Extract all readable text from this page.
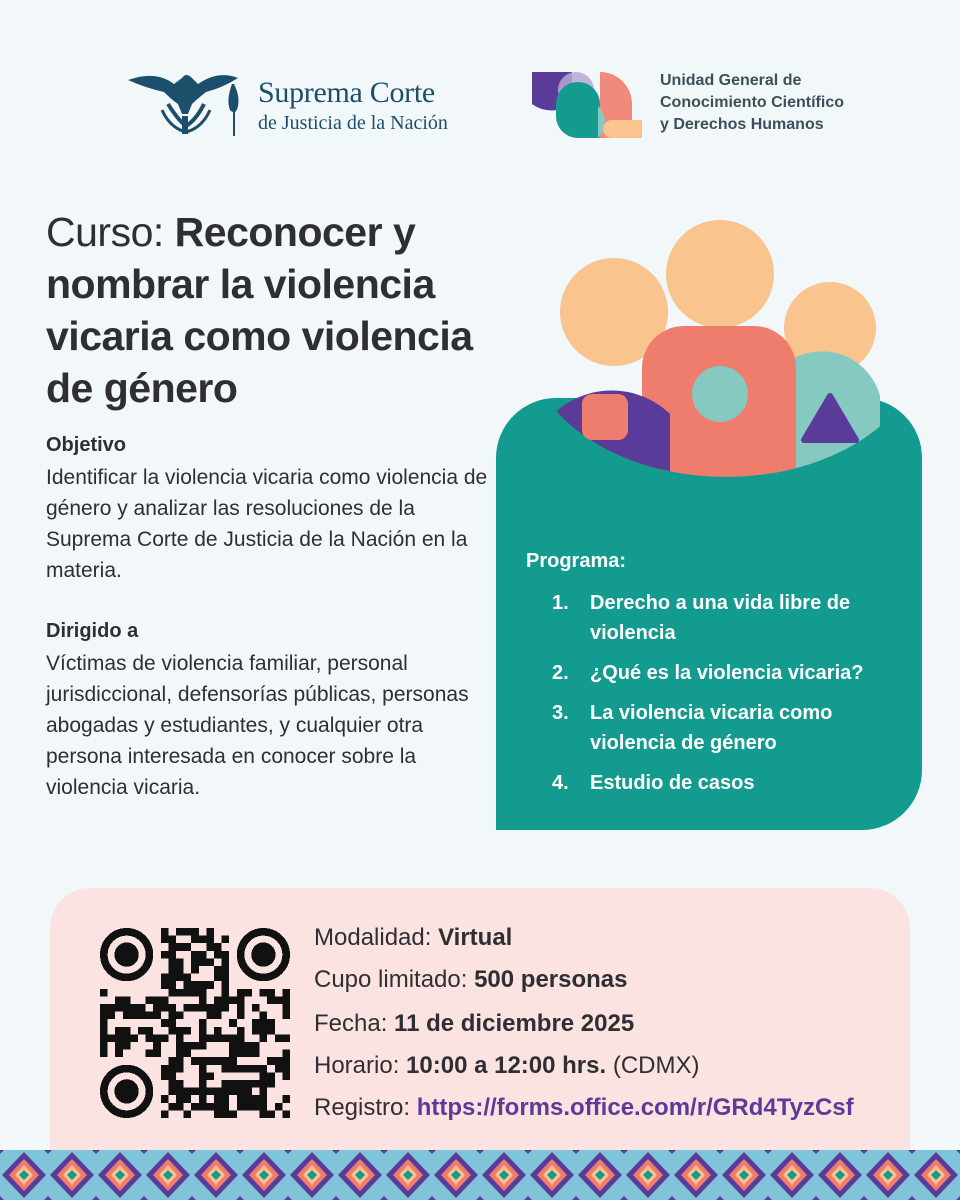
Suprema Corte
de Justicia de la Nación
Unidad General de
Conocimiento Científico
y Derechos Humanos
Curso: Reconocer y nombrar la violencia vicaria como violencia de género
Objetivo
Identificar la violencia vicaria como violencia de género y analizar las resoluciones de la Suprema Corte de Justicia de la Nación en la materia.
Dirigido a
Víctimas de violencia familiar, personal jurisdiccional, defensorías públicas, personas abogadas y estudiantes, y cualquier otra persona interesada en conocer sobre la violencia vicaria.
Programa:
1.	Derecho a una vida libre de violencia
2.	¿Qué es la violencia vicaria?
3.	La violencia vicaria como violencia de género
4.	Estudio de casos
Modalidad: Virtual
Cupo limitado: 500 personas
Fecha: 11 de diciembre 2025
Horario: 10:00 a 12:00 hrs. (CDMX)
Registro: https://forms.office.com/r/GRd4TyzCsf
